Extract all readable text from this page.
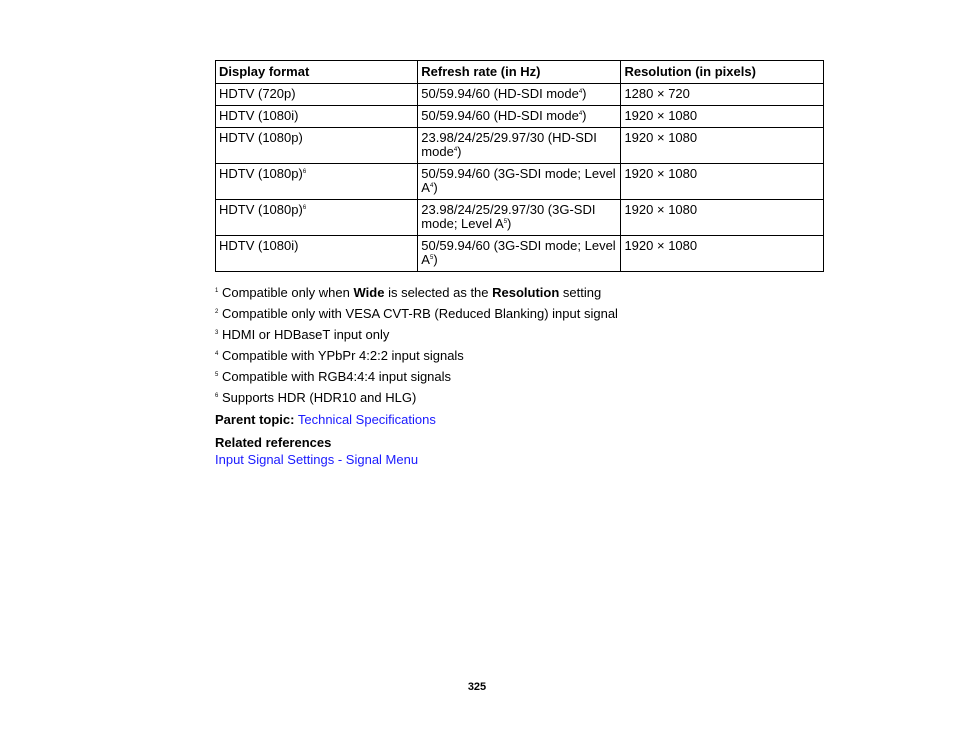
Display format	Refresh rate (in Hz)	Resolution (in pixels)
HDTV (720p)	50/59.94/60 (HD-SDI mode$^4$)	1280 × 720
HDTV (1080i)	50/59.94/60 (HD-SDI mode$^4$)	1920 × 1080
HDTV (1080p)	23.98/24/25/29.97/30 (HD-SDI mode$^4$)	1920 × 1080
HDTV $(1080p)^6$	50/59.94/60 (3G-SDI mode; Level $A^4$)	1920 × 1080
HDTV $(1080p)^6$	23.98/24/25/29.97/30 (3G-SDI mode; Level $A^5$)	1920 × 1080
HDTV (1080i)	50/59.94/60 (3G-SDI mode; Level $A^5$)	1920 × 1080
$^1$ Compatible only when Wide is selected as the Resolution setting
$^2$ Compatible only with VESA CVT-RB (Reduced Blanking) input signal
$^3$ HDMI or HDBaseT input only
$^4$ Compatible with YPbPr 4:2:2 input signals
$^5$ Compatible with RGB4:4:4 input signals
$^6$ Supports HDR (HDR10 and HLG)
Parent topic: Technical Specifications
Related references
Input Signal Settings - Signal Menu
325
